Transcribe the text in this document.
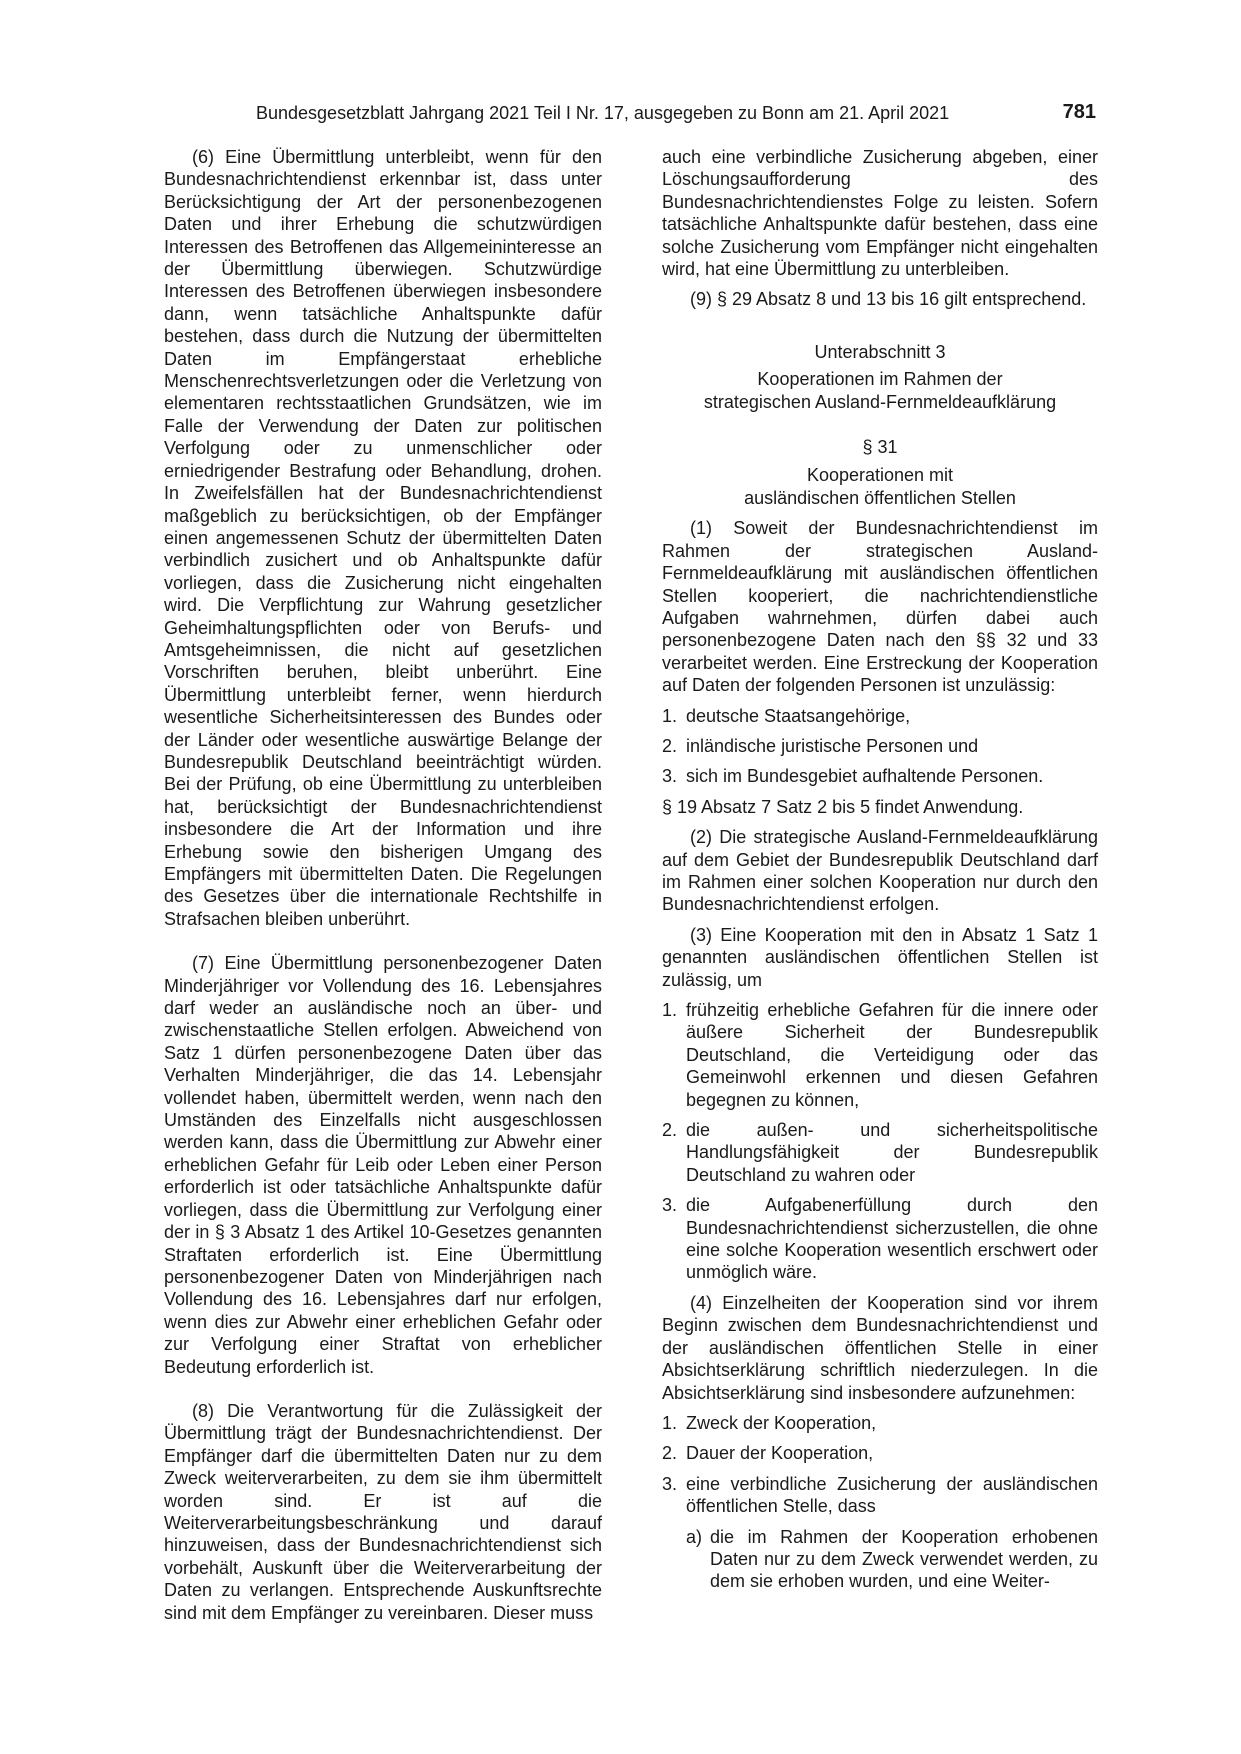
Bundesgesetzblatt Jahrgang 2021 Teil I Nr. 17, ausgegeben zu Bonn am 21. April 2021	781

(6) Eine Übermittlung unterbleibt, wenn für den Bundesnachrichtendienst erkennbar ist, dass unter Berücksichtigung der Art der personenbezogenen Daten und ihrer Erhebung die schutzwürdigen Interessen des Betroffenen das Allgemeininteresse an der Übermittlung überwiegen. Schutzwürdige Interessen des Betroffenen überwiegen insbesondere dann, wenn tatsächliche Anhaltspunkte dafür bestehen, dass durch die Nutzung der übermittelten Daten im Empfängerstaat erhebliche Menschenrechtsverletzungen oder die Verletzung von elementaren rechtsstaatlichen Grundsätzen, wie im Falle der Verwendung der Daten zur politischen Verfolgung oder zu unmenschlicher oder erniedrigender Bestrafung oder Behandlung, drohen. In Zweifelsfällen hat der Bundesnachrichtendienst maßgeblich zu berücksichtigen, ob der Empfänger einen angemessenen Schutz der übermittelten Daten verbindlich zusichert und ob Anhaltspunkte dafür vorliegen, dass die Zusicherung nicht eingehalten wird. Die Verpflichtung zur Wahrung gesetzlicher Geheimhaltungspflichten oder von Berufs- und Amtsgeheimnissen, die nicht auf gesetzlichen Vorschriften beruhen, bleibt unberührt. Eine Übermittlung unterbleibt ferner, wenn hierdurch wesentliche Sicherheitsinteressen des Bundes oder der Länder oder wesentliche auswärtige Belange der Bundesrepublik Deutschland beeinträchtigt würden. Bei der Prüfung, ob eine Übermittlung zu unterbleiben hat, berücksichtigt der Bundesnachrichtendienst insbesondere die Art der Information und ihre Erhebung sowie den bisherigen Umgang des Empfängers mit übermittelten Daten. Die Regelungen des Gesetzes über die internationale Rechtshilfe in Strafsachen bleiben unberührt.

(7) Eine Übermittlung personenbezogener Daten Minderjähriger vor Vollendung des 16. Lebensjahres darf weder an ausländische noch an über- und zwischenstaatliche Stellen erfolgen. Abweichend von Satz 1 dürfen personenbezogene Daten über das Verhalten Minderjähriger, die das 14. Lebensjahr vollendet haben, übermittelt werden, wenn nach den Umständen des Einzelfalls nicht ausgeschlossen werden kann, dass die Übermittlung zur Abwehr einer erheblichen Gefahr für Leib oder Leben einer Person erforderlich ist oder tatsächliche Anhaltspunkte dafür vorliegen, dass die Übermittlung zur Verfolgung einer der in § 3 Absatz 1 des Artikel 10-Gesetzes genannten Straftaten erforderlich ist. Eine Übermittlung personenbezogener Daten von Minderjährigen nach Vollendung des 16. Lebensjahres darf nur erfolgen, wenn dies zur Abwehr einer erheblichen Gefahr oder zur Verfolgung einer Straftat von erheblicher Bedeutung erforderlich ist.

(8) Die Verantwortung für die Zulässigkeit der Übermittlung trägt der Bundesnachrichtendienst. Der Empfänger darf die übermittelten Daten nur zu dem Zweck weiterverarbeiten, zu dem sie ihm übermittelt worden sind. Er ist auf die Weiterverarbeitungsbeschränkung und darauf hinzuweisen, dass der Bundesnachrichtendienst sich vorbehält, Auskunft über die Weiterverarbeitung der Daten zu verlangen. Entsprechende Auskunftsrechte sind mit dem Empfänger zu vereinbaren. Dieser muss

auch eine verbindliche Zusicherung abgeben, einer Löschungsaufforderung des Bundesnachrichtendienstes Folge zu leisten. Sofern tatsächliche Anhaltspunkte dafür bestehen, dass eine solche Zusicherung vom Empfänger nicht eingehalten wird, hat eine Übermittlung zu unterbleiben.

(9) § 29 Absatz 8 und 13 bis 16 gilt entsprechend.

Unterabschnitt 3

Kooperationen im Rahmen der

strategischen Ausland-Fernmeldeaufklärung

§ 31

Kooperationen mit

ausländischen öffentlichen Stellen

(1) Soweit der Bundesnachrichtendienst im Rahmen der strategischen Ausland-Fernmeldeaufklärung mit ausländischen öffentlichen Stellen kooperiert, die nachrichtendienstliche Aufgaben wahrnehmen, dürfen dabei auch personenbezogene Daten nach den §§ 32 und 33 verarbeitet werden. Eine Erstreckung der Kooperation auf Daten der folgenden Personen ist unzulässig:

1. deutsche Staatsangehörige,
2. inländische juristische Personen und
3. sich im Bundesgebiet aufhaltende Personen.

§ 19 Absatz 7 Satz 2 bis 5 findet Anwendung.

(2) Die strategische Ausland-Fernmeldeaufklärung auf dem Gebiet der Bundesrepublik Deutschland darf im Rahmen einer solchen Kooperation nur durch den Bundesnachrichtendienst erfolgen.

(3) Eine Kooperation mit den in Absatz 1 Satz 1 genannten ausländischen öffentlichen Stellen ist zulässig, um

1. frühzeitig erhebliche Gefahren für die innere oder äußere Sicherheit der Bundesrepublik Deutschland, die Verteidigung oder das Gemeinwohl erkennen und diesen Gefahren begegnen zu können,
2. die außen- und sicherheitspolitische Handlungsfähigkeit der Bundesrepublik Deutschland zu wahren oder
3. die Aufgabenerfüllung durch den Bundesnachrichtendienst sicherzustellen, die ohne eine solche Kooperation wesentlich erschwert oder unmöglich wäre.

(4) Einzelheiten der Kooperation sind vor ihrem Beginn zwischen dem Bundesnachrichtendienst und der ausländischen öffentlichen Stelle in einer Absichtserklärung schriftlich niederzulegen. In die Absichtserklärung sind insbesondere aufzunehmen:

1. Zweck der Kooperation,
2. Dauer der Kooperation,
3. eine verbindliche Zusicherung der ausländischen öffentlichen Stelle, dass
a) die im Rahmen der Kooperation erhobenen Daten nur zu dem Zweck verwendet werden, zu dem sie erhoben wurden, und eine Weiter-
